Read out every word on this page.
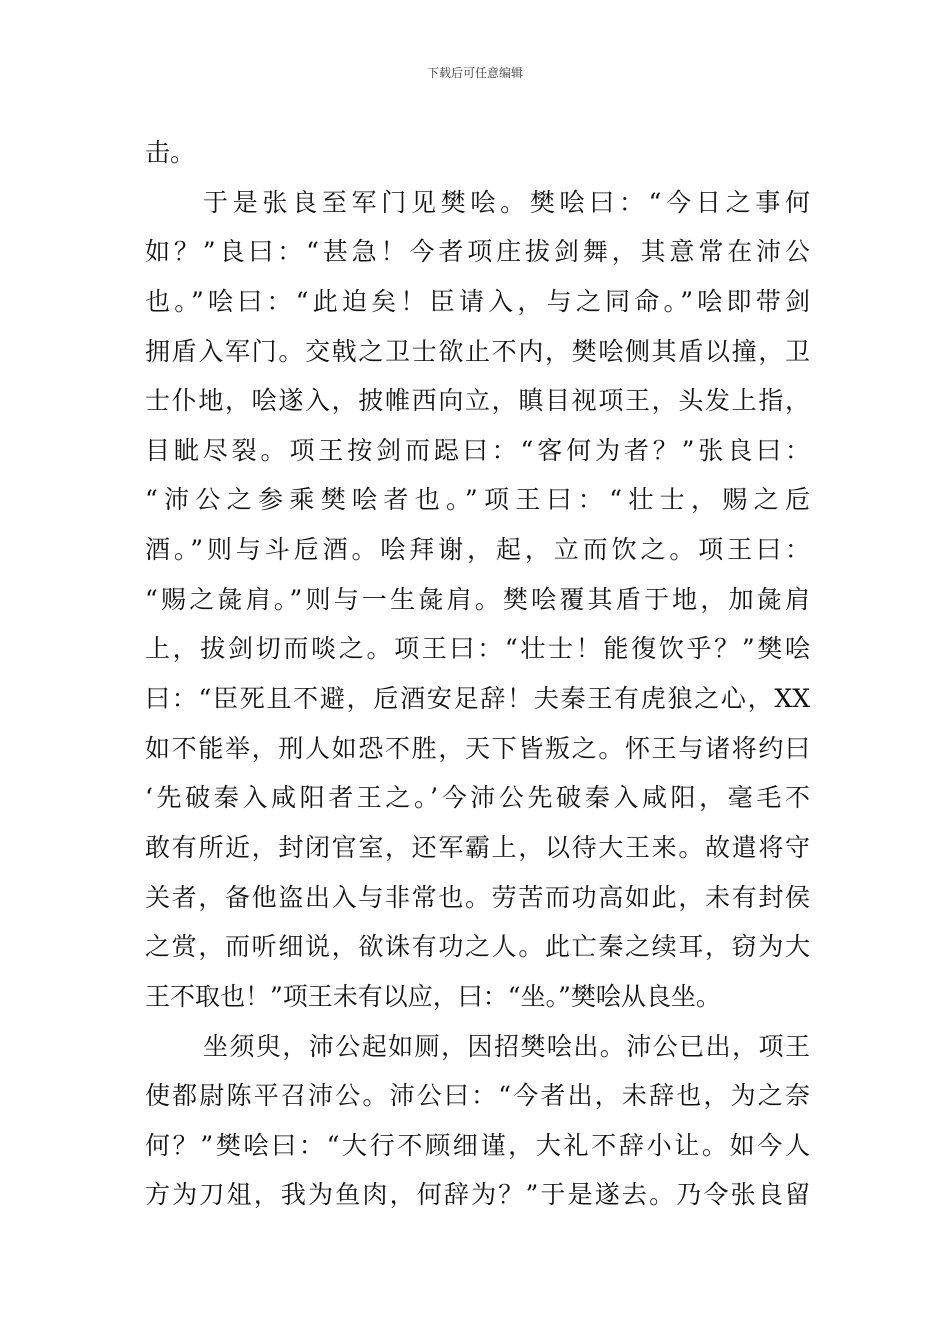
下载后可任意编辑
击。
于是张良至军门见樊哙。樊哙曰：“今日之事何
如？”良曰：“甚急！今者项庄拔剑舞，其意常在沛公
也。”哙曰：“此迫矣！臣请入，与之同命。”哙即带剑
拥盾入军门。交戟之卫士欲止不内，樊哙侧其盾以撞，卫
士仆地，哙遂入，披帷西向立，瞋目视项王，头发上指，
目眦尽裂。项王按剑而跽曰：“客何为者？”张良曰：
“沛公之参乘樊哙者也。”项王曰：“壮士，赐之卮
酒。”则与斗卮酒。哙拜谢，起，立而饮之。项王曰：
“赐之彘肩。”则与一生彘肩。樊哙覆其盾于地，加彘肩
上，拔剑切而啖之。项王曰：“壮士！能復饮乎？”樊哙
曰：“臣死且不避，卮酒安足辞！夫秦王有虎狼之心，XX
如不能举，刑人如恐不胜，天下皆叛之。怀王与诸将约曰
‘先破秦入咸阳者王之。’今沛公先破秦入咸阳，毫毛不
敢有所近，封闭官室，还军霸上，以待大王来。故遣将守
关者，备他盗出入与非常也。劳苦而功高如此，未有封侯
之赏，而听细说，欲诛有功之人。此亡秦之续耳，窃为大
王不取也！”项王未有以应，曰：“坐。”樊哙从良坐。
坐须臾，沛公起如厕，因招樊哙出。沛公已出，项王
使都尉陈平召沛公。沛公曰：“今者出，未辞也，为之奈
何？”樊哙曰：“大行不顾细谨，大礼不辞小让。如今人
方为刀俎，我为鱼肉，何辞为？”于是遂去。乃令张良留
